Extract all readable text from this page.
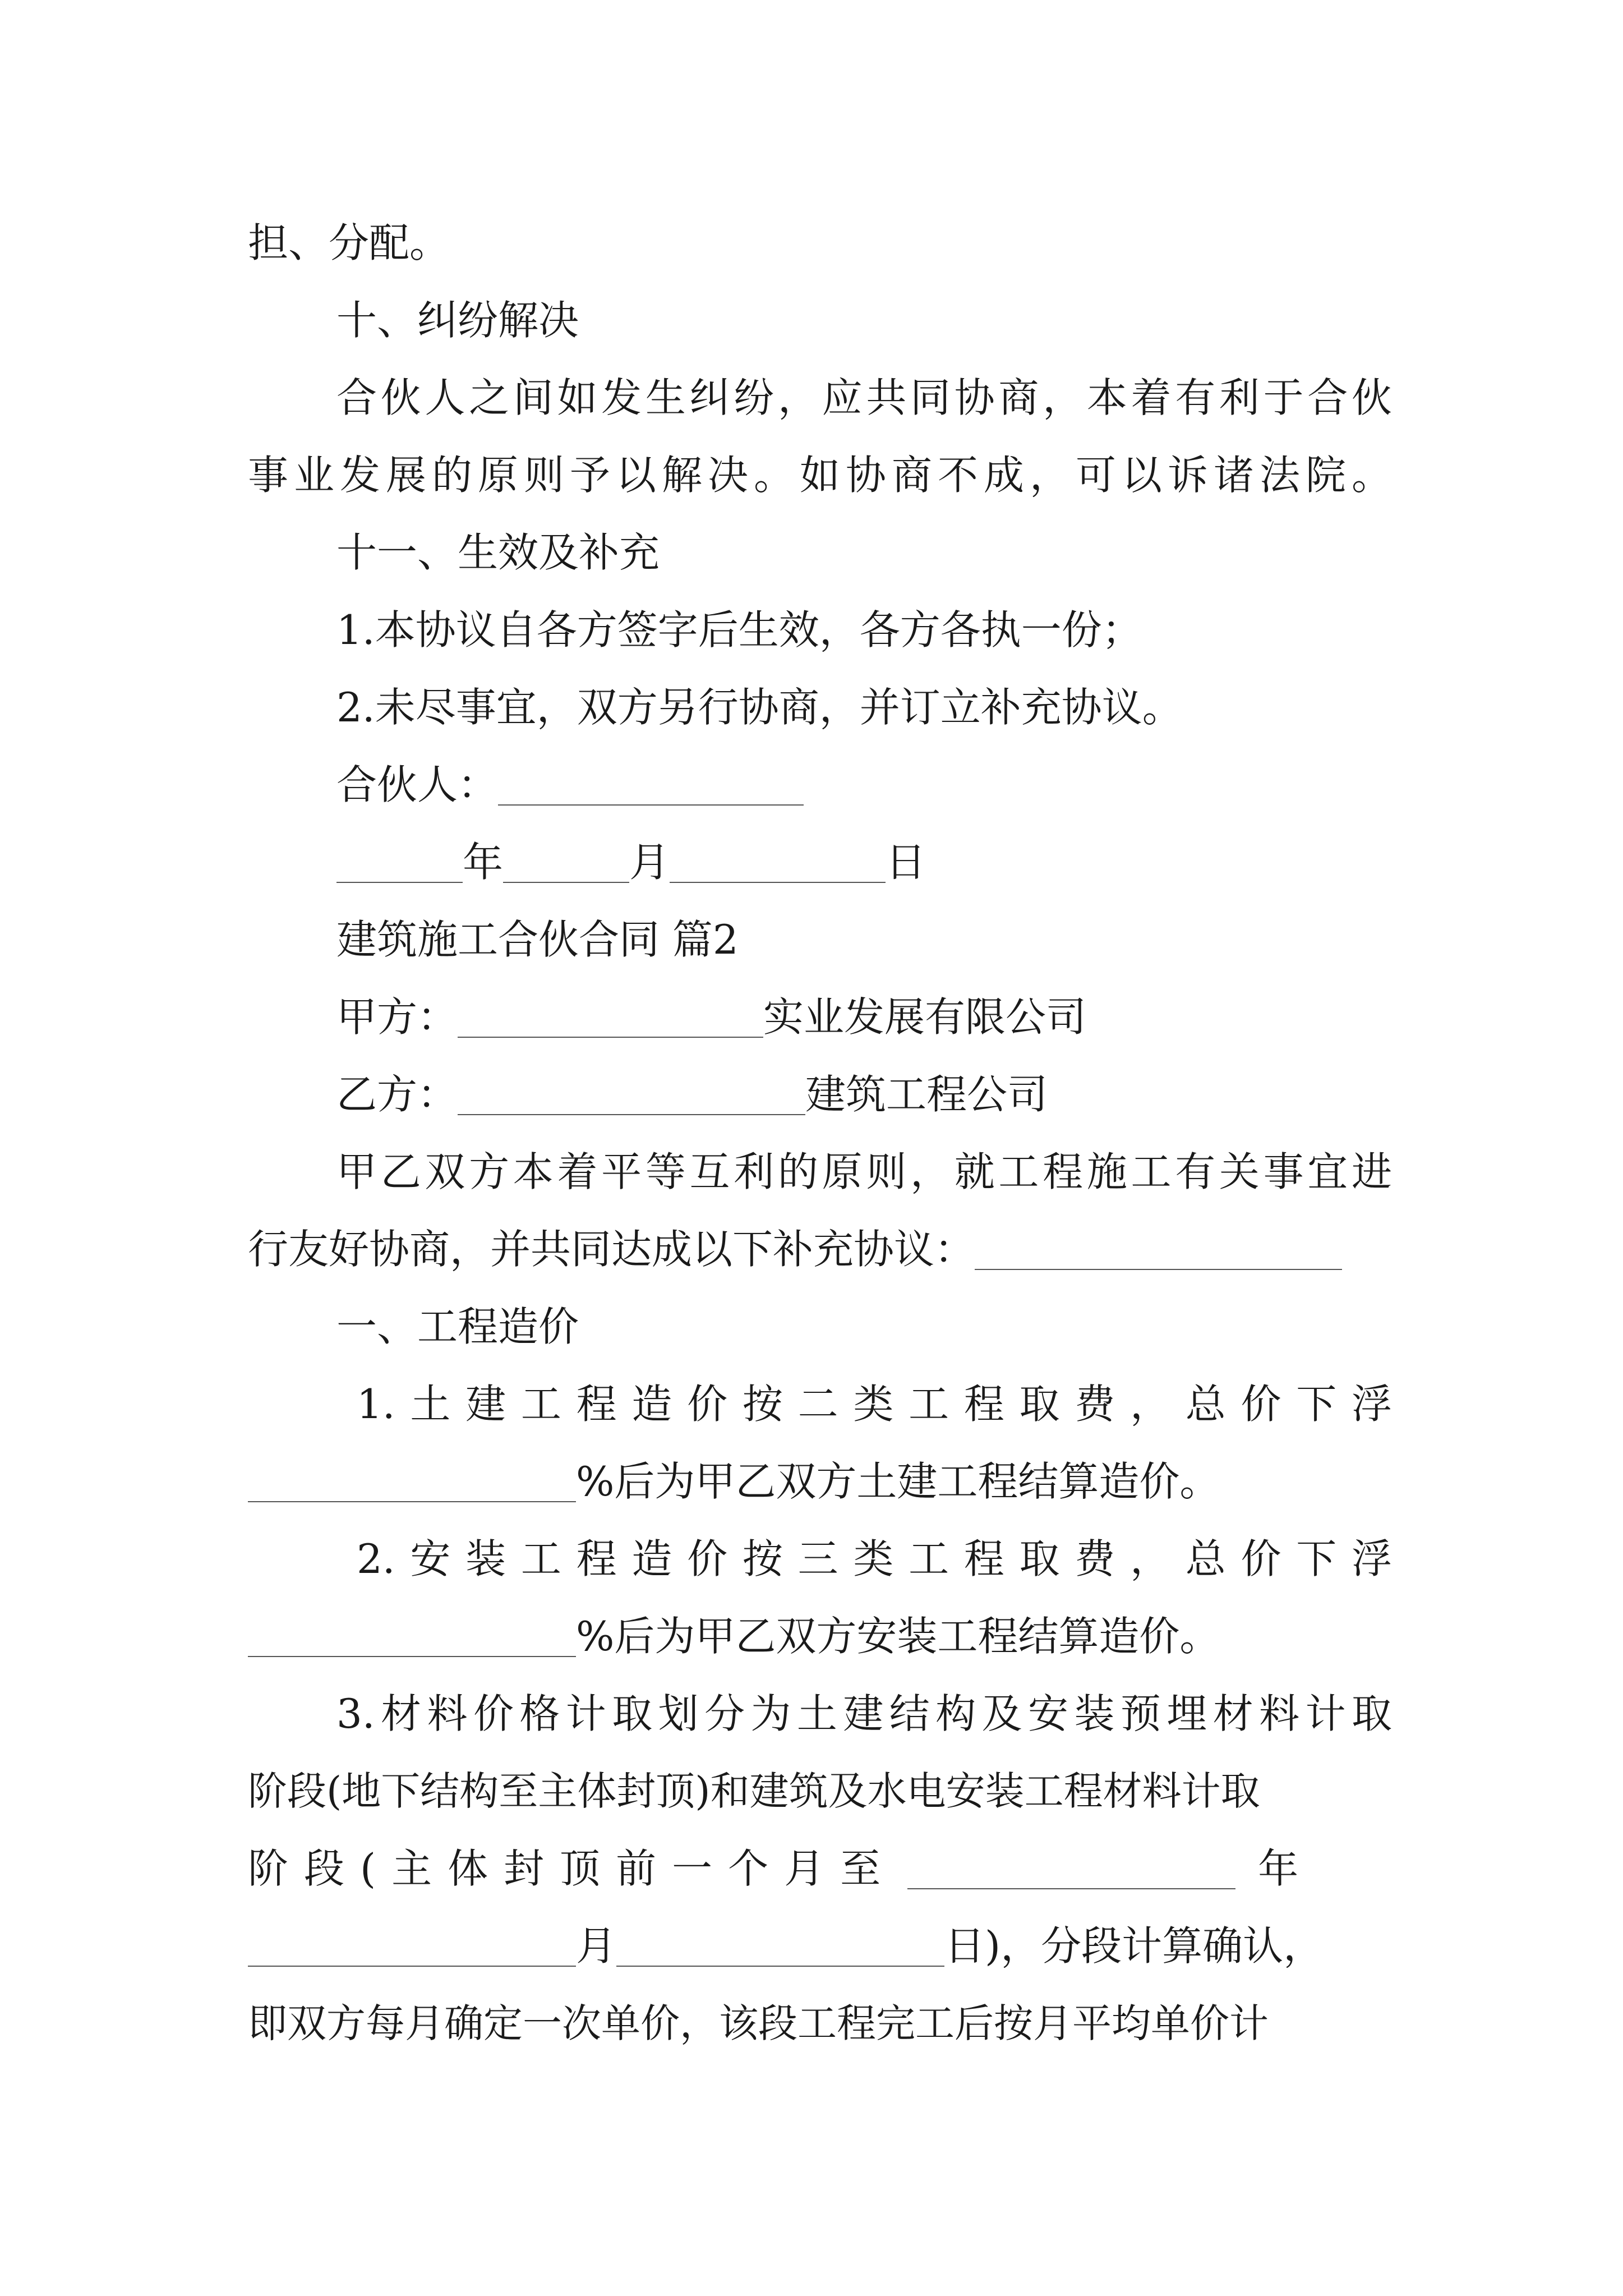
担、分配。
十、纠纷解决
合伙人之间如发生纠纷，应共同协商，本着有利于合伙
事业发展的原则予以解决。如协商不成，可以诉诸法院。
十一、生效及补充
1.本协议自各方签字后生效，各方各执一份；
2.未尽事宜，双方另行协商，并订立补充协议。
合伙人：
年	月	日
建筑施工合伙合同 篇2
甲方：	实业发展有限公司
乙方：	建筑工程公司
甲乙双方本着平等互利的原则，就工程施工有关事宜进
行友好协商，并共同达成以下补充协议：
一、工程造价
1.土建工程造价按二类工程取费，总价下浮
%后为甲乙双方土建工程结算造价。
2.安装工程造价按三类工程取费，总价下浮
%后为甲乙双方安装工程结算造价。
3.材料价格计取划分为土建结构及安装预埋材料计取
阶段(地下结构至主体封顶)和建筑及水电安装工程材料计取
阶段(主体封顶前一个月至	年
月	日)，分段计算确认，
即双方每月确定一次单价，该段工程完工后按月平均单价计
